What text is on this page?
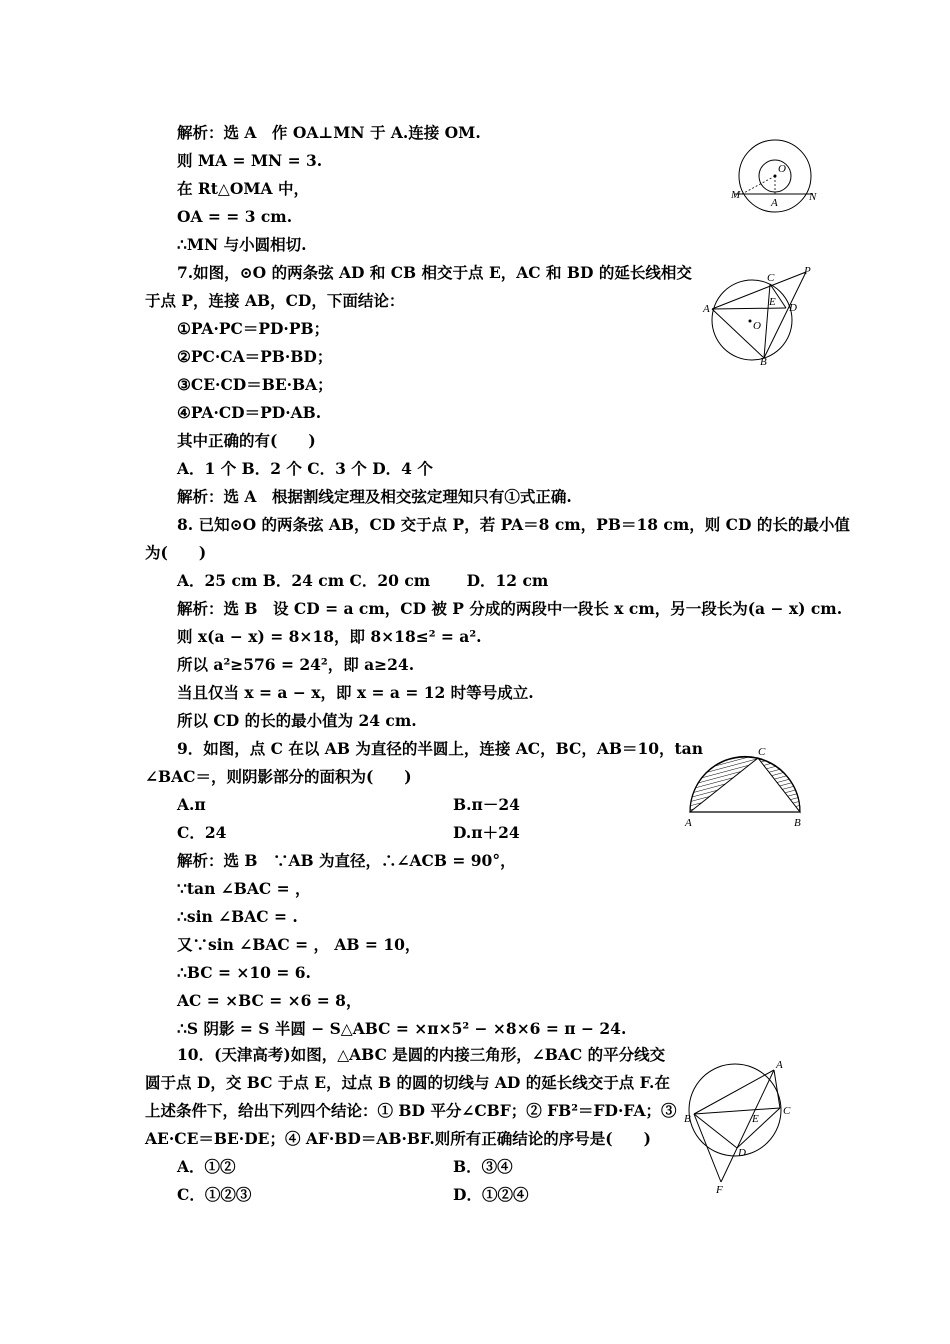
解析：选 A　作 OA⊥MN 于 A.连接 OM.
则 MA = MN = 3.
在 Rt△OMA 中，
OA = = 3 cm.
∴MN 与小圆相切.
7.如图，⊙O 的两条弦 AD 和 CB 相交于点 E，AC 和 BD 的延长线相交
于点 P，连接 AB，CD，下面结论：
①PA·PC＝PD·PB；
②PC·CA＝PB·BD；
③CE·CD＝BE·BA；
④PA·CD＝PD·AB.
其中正确的有(　　)
A．1 个 B．2 个 C．3 个 D．4 个
解析：选 A　根据割线定理及相交弦定理知只有①式正确.
8. 已知⊙O 的两条弦 AB，CD 交于点 P，若 PA＝8 cm，PB＝18 cm，则 CD 的长的最小值
为(　　)
A．25 cm B．24 cm C．20 cm　　 D．12 cm
解析：选 B　设 CD = a cm，CD 被 P 分成的两段中一段长 x cm，另一段长为(a − x) cm.
则 x(a − x) = 8×18，即 8×18≤² = a².
所以 a²≥576 = 24²，即 a≥24.
当且仅当 x = a − x，即 x = a = 12 时等号成立.
所以 CD 的长的最小值为 24 cm.
9．如图，点 C 在以 AB 为直径的半圆上，连接 AC，BC，AB＝10，tan
∠BAC＝，则阴影部分的面积为(　　)
A.π	B.π－24
C．24	D.π＋24
解析：选 B　∵AB 为直径，∴∠ACB = 90°，
∵tan ∠BAC = ，
∴sin ∠BAC = .
又∵sin ∠BAC = ， AB = 10，
∴BC = ×10 = 6.
AC = ×BC = ×6 = 8，
∴S 阴影 = S 半圆 − S△ABC = ×π×5² − ×8×6 = π − 24.
10．(天津高考)如图，△ABC 是圆的内接三角形，∠BAC 的平分线交
圆于点 D，交 BC 于点 E，过点 B 的圆的切线与 AD 的延长线交于点 F.在
上述条件下，给出下列四个结论：① BD 平分∠CBF；② FB²＝FD·FA；③
AE·CE＝BE·DE；④ AF·BD＝AB·BF.则所有正确结论的序号是(　　)
A．①②	B．③④
C．①②③	D．①②④
O
A
M	N
A
B
C
D
E
O
P
A	B
C
A
B
C
D
E
F
